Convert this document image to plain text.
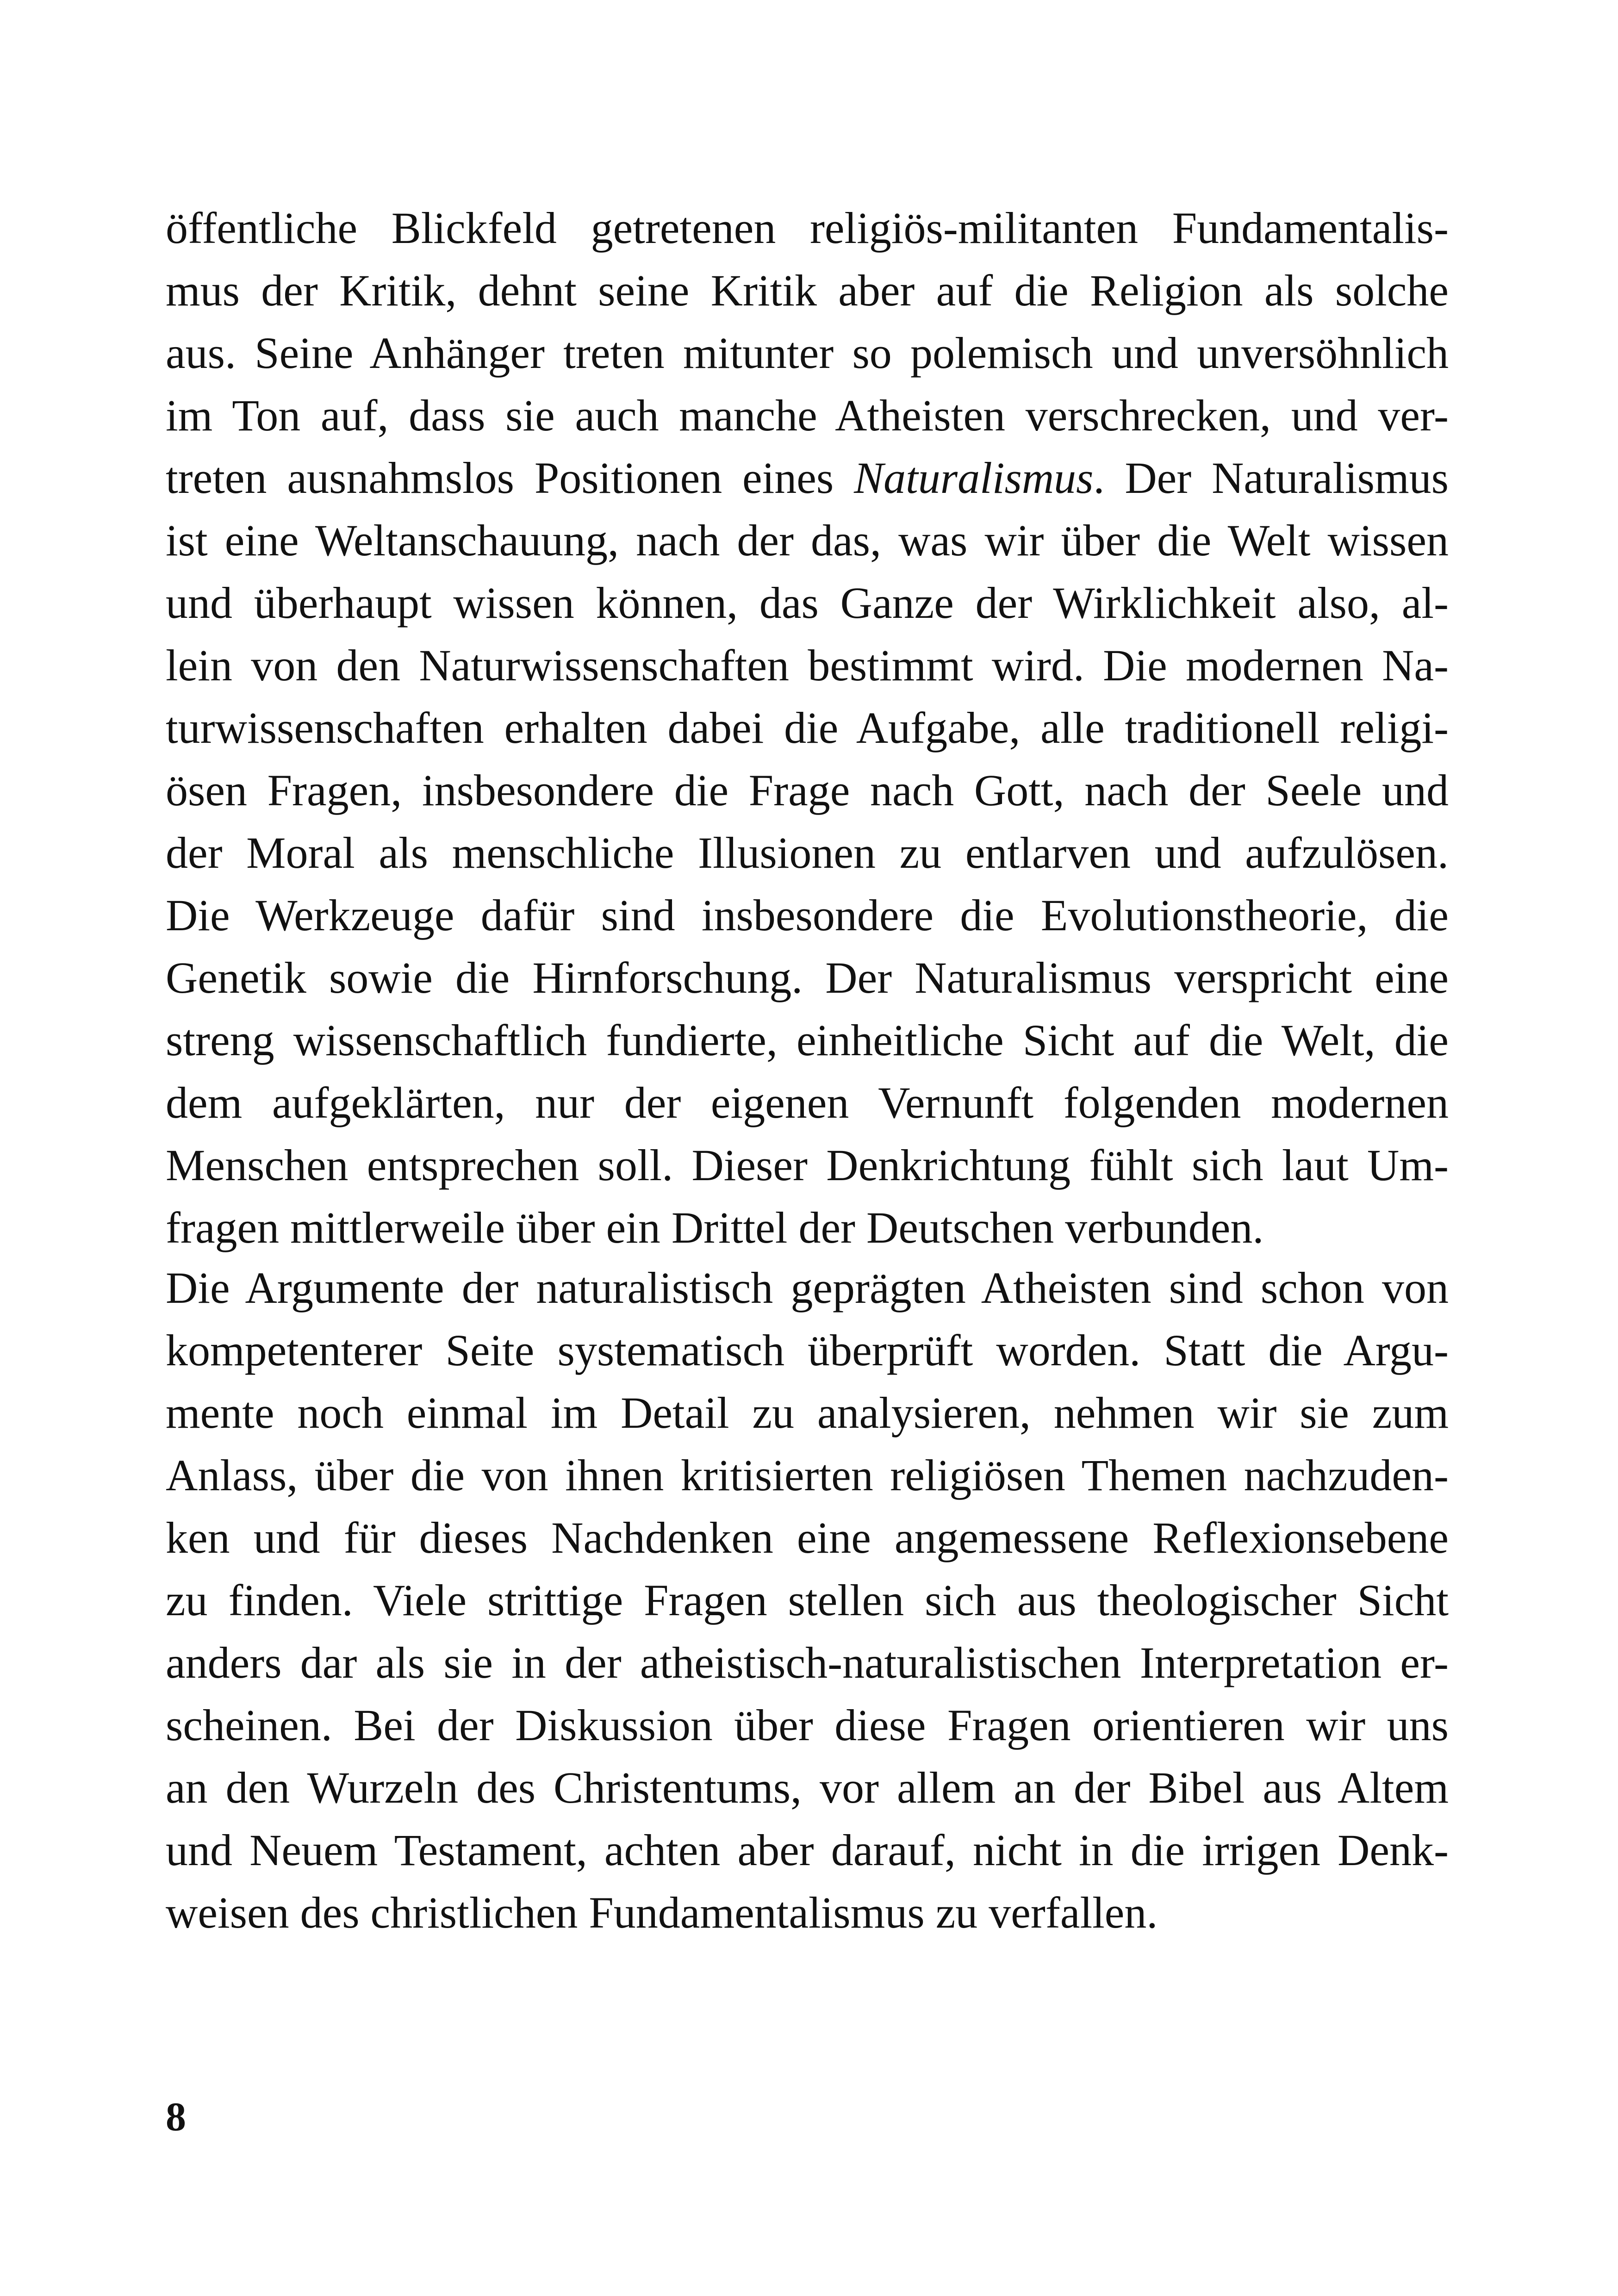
öffentliche Blickfeld getretenen religiös-militanten Fundamentalis-
mus der Kritik, dehnt seine Kritik aber auf die Religion als solche
aus. Seine Anhänger treten mitunter so polemisch und unversöhnlich
im Ton auf, dass sie auch manche Atheisten verschrecken, und ver-
treten ausnahmslos Positionen eines Naturalismus. Der Naturalismus
ist eine Weltanschauung, nach der das, was wir über die Welt wissen
und überhaupt wissen können, das Ganze der Wirklichkeit also, al-
lein von den Naturwissenschaften bestimmt wird. Die modernen Na-
turwissenschaften erhalten dabei die Aufgabe, alle traditionell religi-
ösen Fragen, insbesondere die Frage nach Gott, nach der Seele und
der Moral als menschliche Illusionen zu entlarven und aufzulösen.
Die Werkzeuge dafür sind insbesondere die Evolutionstheorie, die
Genetik sowie die Hirnforschung. Der Naturalismus verspricht eine
streng wissenschaftlich fundierte, einheitliche Sicht auf die Welt, die
dem aufgeklärten, nur der eigenen Vernunft folgenden modernen
Menschen entsprechen soll. Dieser Denkrichtung fühlt sich laut Um-
fragen mittlerweile über ein Drittel der Deutschen verbunden.
Die Argumente der naturalistisch geprägten Atheisten sind schon von
kompetenterer Seite systematisch überprüft worden. Statt die Argu-
mente noch einmal im Detail zu analysieren, nehmen wir sie zum
Anlass, über die von ihnen kritisierten religiösen Themen nachzuden-
ken und für dieses Nachdenken eine angemessene Reflexionsebene
zu finden. Viele strittige Fragen stellen sich aus theologischer Sicht
anders dar als sie in der atheistisch-naturalistischen Interpretation er-
scheinen. Bei der Diskussion über diese Fragen orientieren wir uns
an den Wurzeln des Christentums, vor allem an der Bibel aus Altem
und Neuem Testament, achten aber darauf, nicht in die irrigen Denk-
weisen des christlichen Fundamentalismus zu verfallen.
8
